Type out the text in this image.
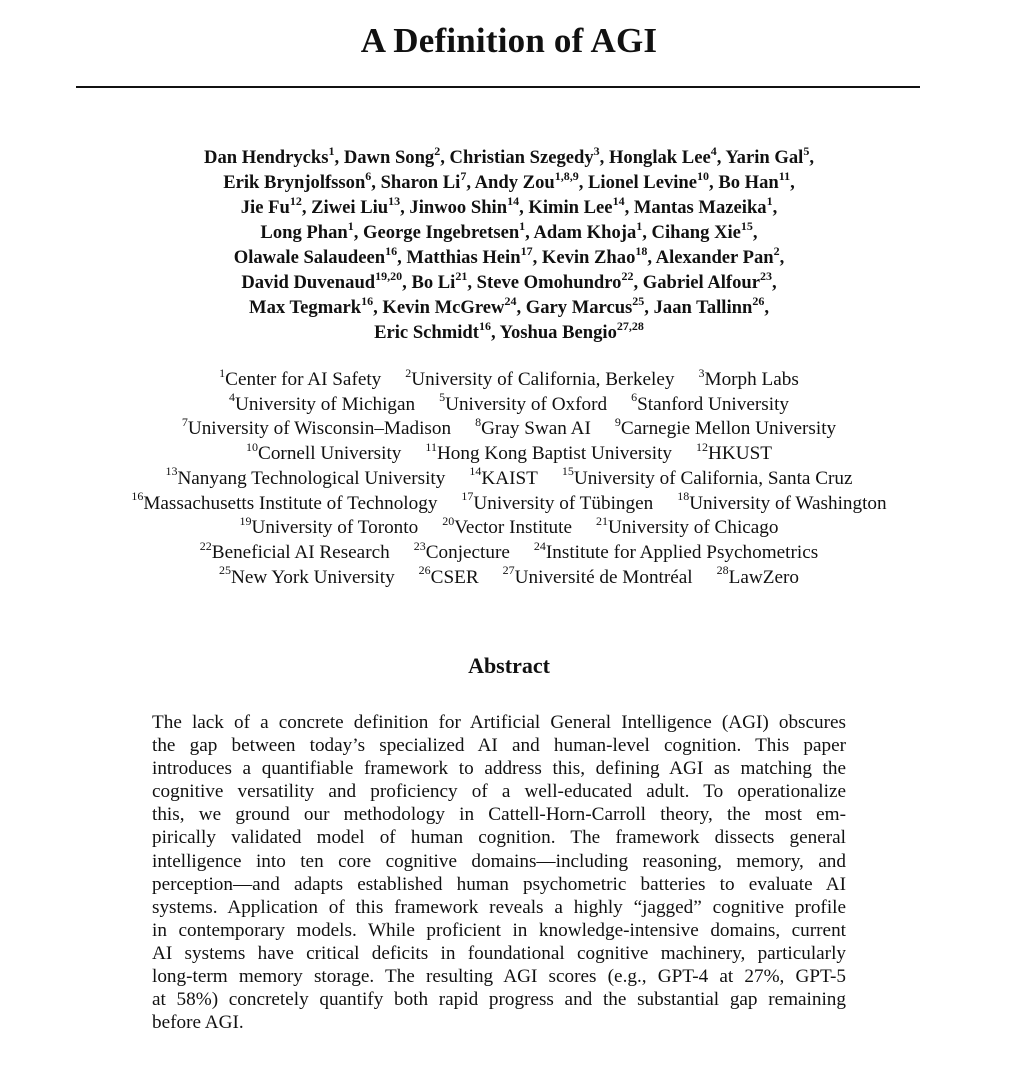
A Definition of AGI
Dan Hendrycks$^1$, Dawn Song$^2$, Christian Szegedy$^3$, Honglak Lee$^4$, Yarin Gal$^5$,
Erik Brynjolfsson$^6$, Sharon Li$^7$, Andy Zou$^{1,8,9}$, Lionel Levine$^{10}$, Bo Han$^{11}$,
Jie Fu$^{12}$, Ziwei Liu$^{13}$, Jinwoo Shin$^{14}$, Kimin Lee$^{14}$, Mantas Mazeika$^1$,
Long Phan$^1$, George Ingebretsen$^1$, Adam Khoja$^1$, Cihang Xie$^{15}$,
Olawale Salaudeen$^{16}$, Matthias Hein$^{17}$, Kevin Zhao$^{18}$, Alexander Pan$^2$,
David Duvenaud$^{19,20}$, Bo Li$^{21}$, Steve Omohundro$^{22}$, Gabriel Alfour$^{23}$,
Max Tegmark$^{16}$, Kevin McGrew$^{24}$, Gary Marcus$^{25}$, Jaan Tallinn$^{26}$,
Eric Schmidt$^{16}$, Yoshua Bengio$^{27,28}$
$^1$Center for AI Safety $^2$University of California, Berkeley $^3$Morph Labs
$^4$University of Michigan $^5$University of Oxford $^6$Stanford University
$^7$University of Wisconsin–Madison $^8$Gray Swan AI $^9$Carnegie Mellon University
$^{10}$Cornell University $^{11}$Hong Kong Baptist University $^{12}$HKUST
$^{13}$Nanyang Technological University $^{14}$KAIST $^{15}$University of California, Santa Cruz
$^{16}$Massachusetts Institute of Technology $^{17}$University of Tübingen $^{18}$University of Washington
$^{19}$University of Toronto $^{20}$Vector Institute $^{21}$University of Chicago
$^{22}$Beneficial AI Research $^{23}$Conjecture $^{24}$Institute for Applied Psychometrics
$^{25}$New York University $^{26}$CSER $^{27}$Université de Montréal $^{28}$LawZero
Abstract
The lack of a concrete definition for Artificial General Intelligence (AGI) obscures
the gap between today’s specialized AI and human-level cognition. This paper
introduces a quantifiable framework to address this, defining AGI as matching the
cognitive versatility and proficiency of a well-educated adult. To operationalize
this, we ground our methodology in Cattell-Horn-Carroll theory, the most em-
pirically validated model of human cognition. The framework dissects general
intelligence into ten core cognitive domains—including reasoning, memory, and
perception—and adapts established human psychometric batteries to evaluate AI
systems. Application of this framework reveals a highly “jagged” cognitive profile
in contemporary models. While proficient in knowledge-intensive domains, current
AI systems have critical deficits in foundational cognitive machinery, particularly
long-term memory storage. The resulting AGI scores (e.g., GPT-4 at 27%, GPT-5
at 58%) concretely quantify both rapid progress and the substantial gap remaining
before AGI.
